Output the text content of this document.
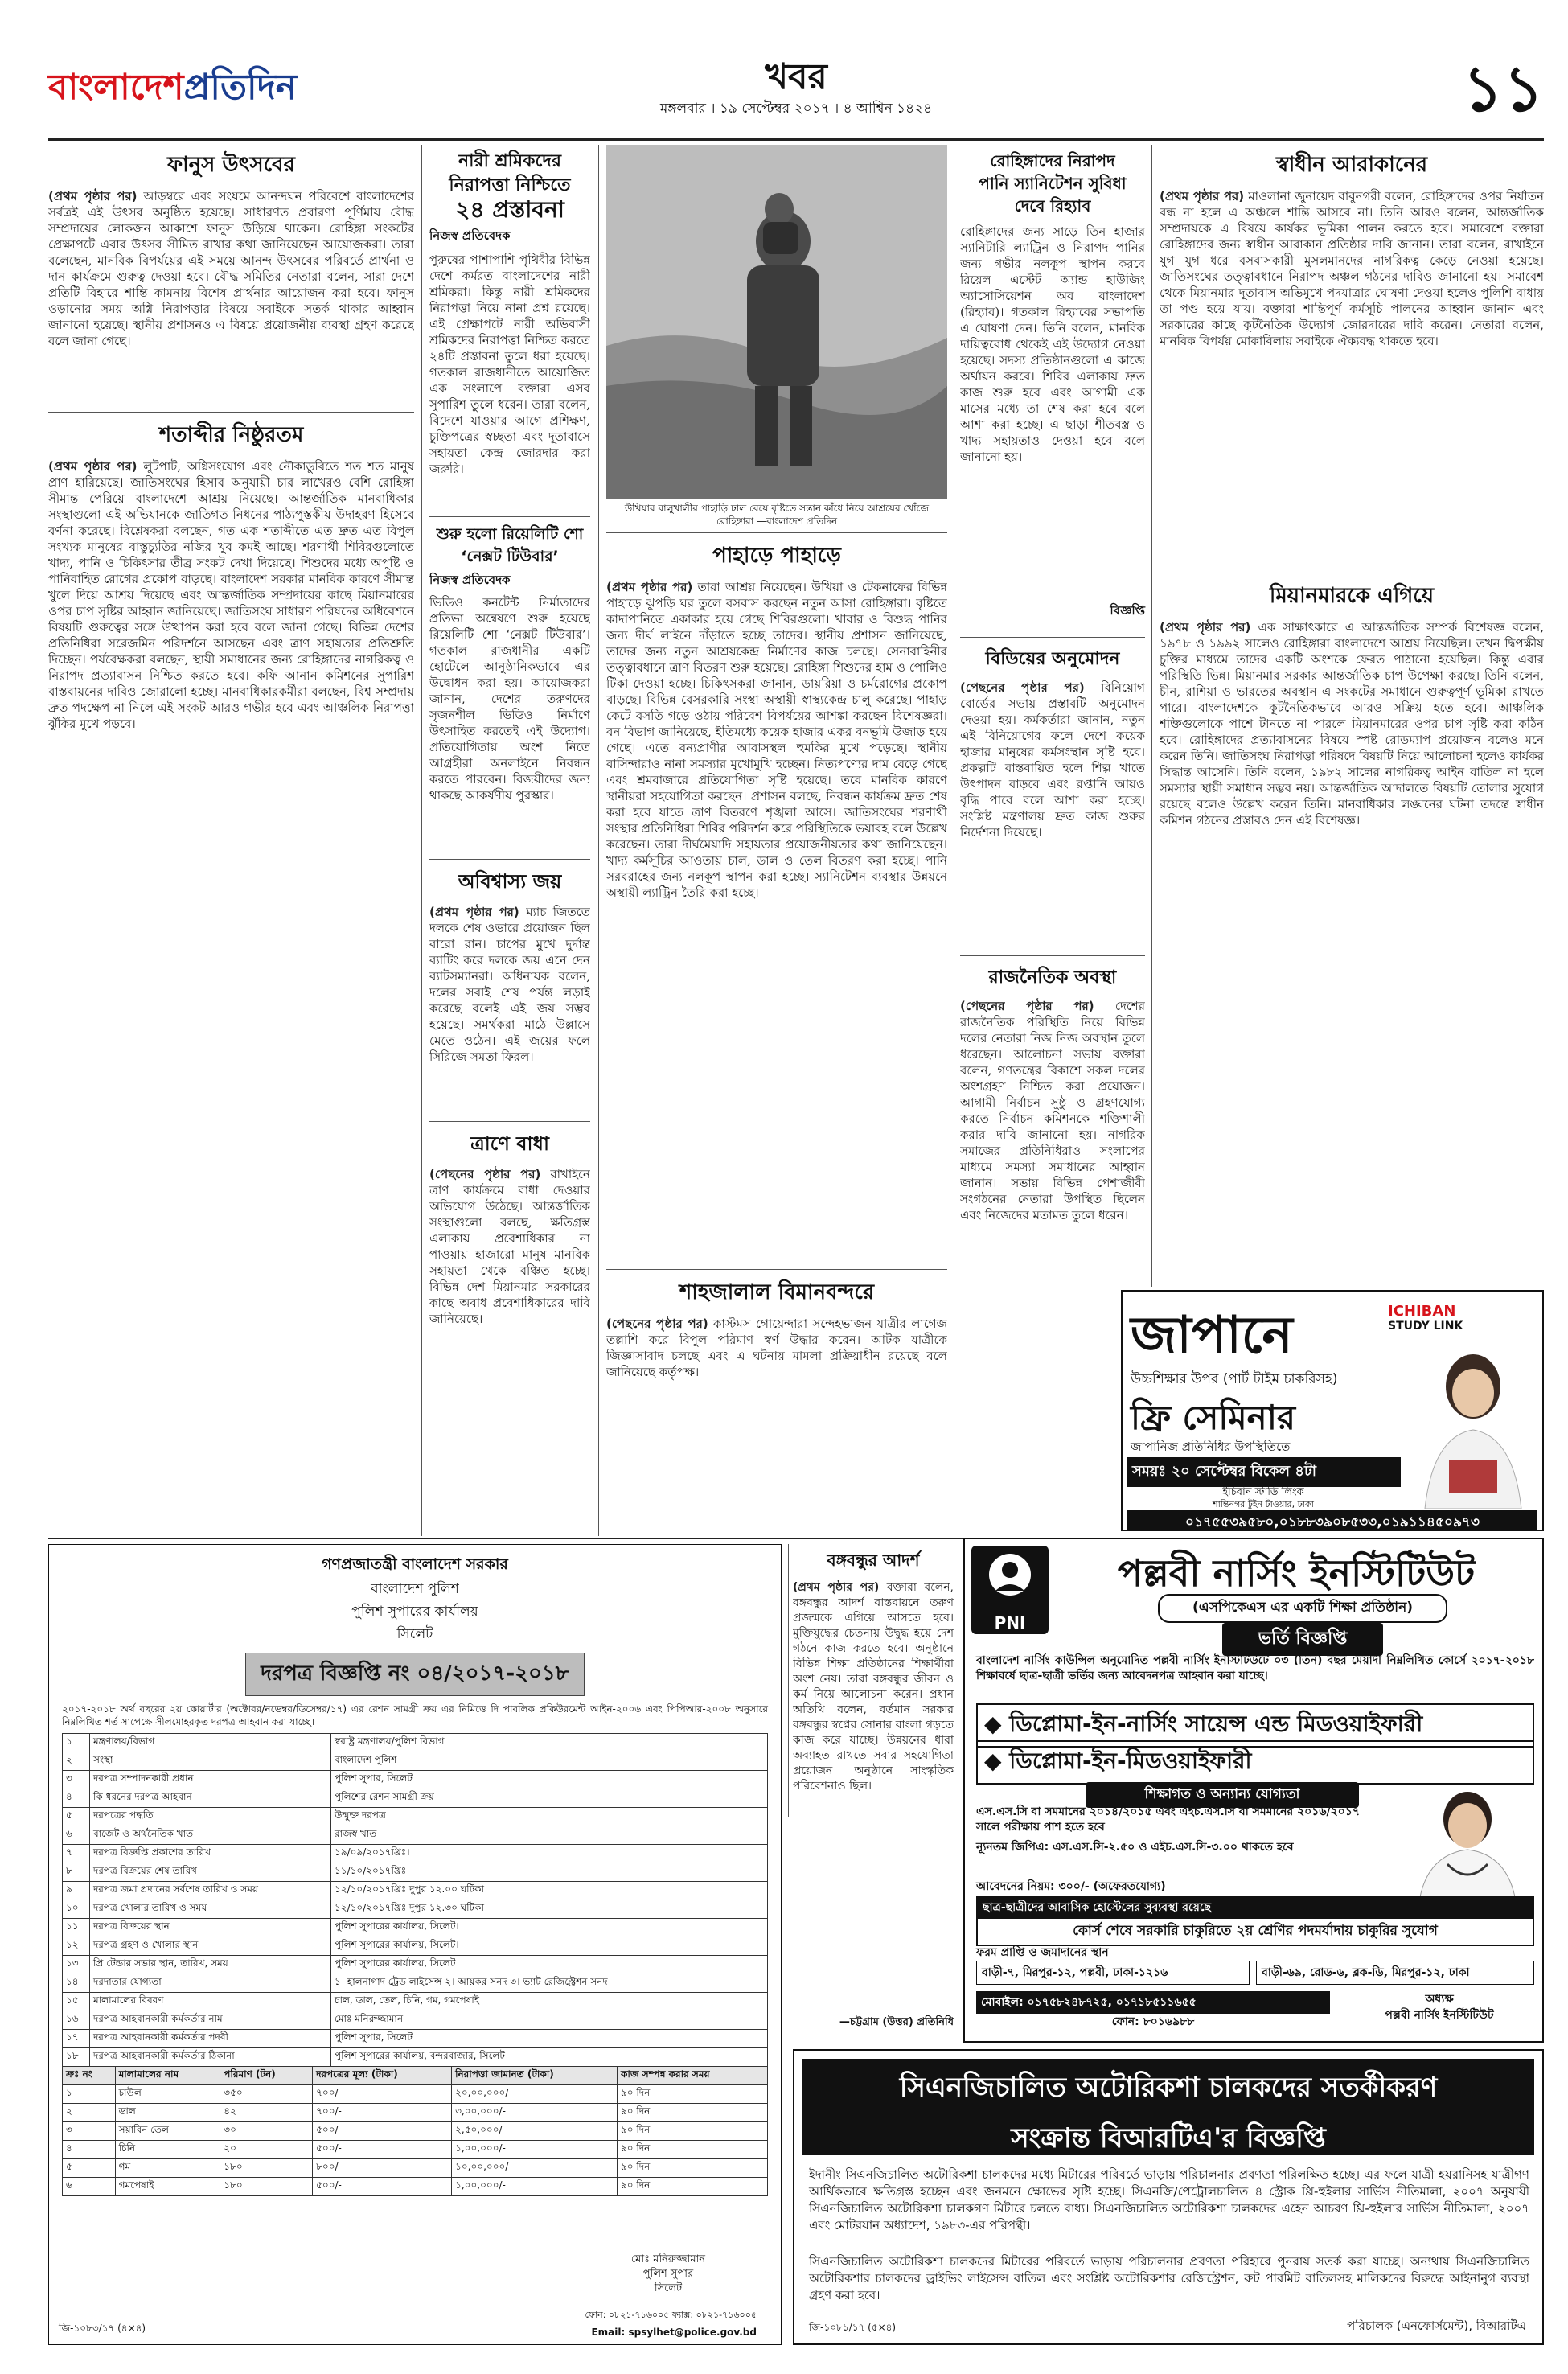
বাংলাদেশপ্রতিদিন	খবর
মঙ্গলবার । ১৯ সেপ্টেম্বর ২০১৭ । ৪ আশ্বিন ১৪২৪	১১
ফানুস উৎসবের
(প্রথম পৃষ্ঠার পর) আড়ম্বরে এবং সংযমে আনন্দঘন পরিবেশে বাংলাদেশের সর্বত্রই এই উৎসব অনুষ্ঠিত হয়েছে। সাধারণত প্রবারণা পূর্ণিমায় বৌদ্ধ সম্প্রদায়ের লোকজন আকাশে ফানুস উড়িয়ে থাকেন। রোহিঙ্গা সংকটের প্রেক্ষাপটে এবার উৎসব সীমিত রাখার কথা জানিয়েছেন আয়োজকরা। তারা বলেছেন, মানবিক বিপর্যয়ের এই সময়ে আনন্দ উৎসবের পরিবর্তে প্রার্থনা ও দান কার্যক্রমে গুরুত্ব দেওয়া হবে। বৌদ্ধ সমিতির নেতারা বলেন, সারা দেশে প্রতিটি বিহারে শান্তি কামনায় বিশেষ প্রার্থনার আয়োজন করা হবে। ফানুস ওড়ানোর সময় অগ্নি নিরাপত্তার বিষয়ে সবাইকে সতর্ক থাকার আহ্বান জানানো হয়েছে। স্থানীয় প্রশাসনও এ বিষয়ে প্রয়োজনীয় ব্যবস্থা গ্রহণ করেছে বলে জানা গেছে।
শতাব্দীর নিষ্ঠুরতম
(প্রথম পৃষ্ঠার পর) লুটপাট, অগ্নিসংযোগ এবং নৌকাডুবিতে শত শত মানুষ প্রাণ হারিয়েছে। জাতিসংঘের হিসাব অনুযায়ী চার লাখেরও বেশি রোহিঙ্গা সীমান্ত পেরিয়ে বাংলাদেশে আশ্রয় নিয়েছে। আন্তর্জাতিক মানবাধিকার সংস্থাগুলো এই অভিযানকে জাতিগত নিধনের পাঠ্যপুস্তকীয় উদাহরণ হিসেবে বর্ণনা করেছে। বিশ্লেষকরা বলছেন, গত এক শতাব্দীতে এত দ্রুত এত বিপুল সংখ্যক মানুষের বাস্তুচ্যুতির নজির খুব কমই আছে। শরণার্থী শিবিরগুলোতে খাদ্য, পানি ও চিকিৎসার তীব্র সংকট দেখা দিয়েছে। শিশুদের মধ্যে অপুষ্টি ও পানিবাহিত রোগের প্রকোপ বাড়ছে। বাংলাদেশ সরকার মানবিক কারণে সীমান্ত খুলে দিয়ে আশ্রয় দিয়েছে এবং আন্তর্জাতিক সম্প্রদায়ের কাছে মিয়ানমারের ওপর চাপ সৃষ্টির আহ্বান জানিয়েছে। জাতিসংঘ সাধারণ পরিষদের অধিবেশনে বিষয়টি গুরুত্বের সঙ্গে উত্থাপন করা হবে বলে জানা গেছে। বিভিন্ন দেশের প্রতিনিধিরা সরেজমিন পরিদর্শনে আসছেন এবং ত্রাণ সহায়তার প্রতিশ্রুতি দিচ্ছেন। পর্যবেক্ষকরা বলছেন, স্থায়ী সমাধানের জন্য রোহিঙ্গাদের নাগরিকত্ব ও নিরাপদ প্রত্যাবাসন নিশ্চিত করতে হবে। কফি আনান কমিশনের সুপারিশ বাস্তবায়নের দাবিও জোরালো হচ্ছে। মানবাধিকারকর্মীরা বলছেন, বিশ্ব সম্প্রদায় দ্রুত পদক্ষেপ না নিলে এই সংকট আরও গভীর হবে এবং আঞ্চলিক নিরাপত্তা ঝুঁকির মুখে পড়বে।
নারী শ্রমিকদের
নিরাপত্তা নিশ্চিতে
২৪ প্রস্তাবনা
নিজস্ব প্রতিবেদক
পুরুষের পাশাপাশি পৃথিবীর বিভিন্ন দেশে কর্মরত বাংলাদেশের নারী শ্রমিকরা। কিন্তু নারী শ্রমিকদের নিরাপত্তা নিয়ে নানা প্রশ্ন রয়েছে। এই প্রেক্ষাপটে নারী অভিবাসী শ্রমিকদের নিরাপত্তা নিশ্চিত করতে ২৪টি প্রস্তাবনা তুলে ধরা হয়েছে। গতকাল রাজধানীতে আয়োজিত এক সংলাপে বক্তারা এসব সুপারিশ তুলে ধরেন। তারা বলেন, বিদেশে যাওয়ার আগে প্রশিক্ষণ, চুক্তিপত্রের স্বচ্ছতা এবং দূতাবাসে সহায়তা কেন্দ্র জোরদার করা জরুরি।
শুরু হলো রিয়েলিটি শো
‘নেক্সট টিউবার’
নিজস্ব প্রতিবেদক
ভিডিও কনটেন্ট নির্মাতাদের প্রতিভা অন্বেষণে শুরু হয়েছে রিয়েলিটি শো ‘নেক্সট টিউবার’। গতকাল রাজধানীর একটি হোটেলে আনুষ্ঠানিকভাবে এর উদ্বোধন করা হয়। আয়োজকরা জানান, দেশের তরুণদের সৃজনশীল ভিডিও নির্মাণে উৎসাহিত করতেই এই উদ্যোগ। প্রতিযোগিতায় অংশ নিতে আগ্রহীরা অনলাইনে নিবন্ধন করতে পারবেন। বিজয়ীদের জন্য থাকছে আকর্ষণীয় পুরস্কার।
অবিশ্বাস্য জয়
(প্রথম পৃষ্ঠার পর) ম্যাচ জিততে দলকে শেষ ওভারে প্রয়োজন ছিল বারো রান। চাপের মুখে দুর্দান্ত ব্যাটিং করে দলকে জয় এনে দেন ব্যাটসম্যানরা। অধিনায়ক বলেন, দলের সবাই শেষ পর্যন্ত লড়াই করেছে বলেই এই জয় সম্ভব হয়েছে। সমর্থকরা মাঠে উল্লাসে মেতে ওঠেন। এই জয়ের ফলে সিরিজে সমতা ফিরল।
ত্রাণে বাধা
(পেছনের পৃষ্ঠার পর) রাখাইনে ত্রাণ কার্যক্রমে বাধা দেওয়ার অভিযোগ উঠেছে। আন্তর্জাতিক সংস্থাগুলো বলছে, ক্ষতিগ্রস্ত এলাকায় প্রবেশাধিকার না পাওয়ায় হাজারো মানুষ মানবিক সহায়তা থেকে বঞ্চিত হচ্ছে। বিভিন্ন দেশ মিয়ানমার সরকারের কাছে অবাধ প্রবেশাধিকারের দাবি জানিয়েছে।
উখিয়ার বালুখালীর পাহাড়ি ঢাল বেয়ে বৃষ্টিতে সন্তান কাঁধে নিয়ে আশ্রয়ের খোঁজে রোহিঙ্গারা —বাংলাদেশ প্রতিদিন
পাহাড়ে পাহাড়ে
(প্রথম পৃষ্ঠার পর) তারা আশ্রয় নিয়েছেন। উখিয়া ও টেকনাফের বিভিন্ন পাহাড়ে ঝুপড়ি ঘর তুলে বসবাস করছেন নতুন আসা রোহিঙ্গারা। বৃষ্টিতে কাদাপানিতে একাকার হয়ে গেছে শিবিরগুলো। খাবার ও বিশুদ্ধ পানির জন্য দীর্ঘ লাইনে দাঁড়াতে হচ্ছে তাদের। স্থানীয় প্রশাসন জানিয়েছে, তাদের জন্য নতুন আশ্রয়কেন্দ্র নির্মাণের কাজ চলছে। সেনাবাহিনীর তত্ত্বাবধানে ত্রাণ বিতরণ শুরু হয়েছে। রোহিঙ্গা শিশুদের হাম ও পোলিও টিকা দেওয়া হচ্ছে। চিকিৎসকরা জানান, ডায়রিয়া ও চর্মরোগের প্রকোপ বাড়ছে। বিভিন্ন বেসরকারি সংস্থা অস্থায়ী স্বাস্থ্যকেন্দ্র চালু করেছে। পাহাড় কেটে বসতি গড়ে ওঠায় পরিবেশ বিপর্যয়ের আশঙ্কা করছেন বিশেষজ্ঞরা। বন বিভাগ জানিয়েছে, ইতিমধ্যে কয়েক হাজার একর বনভূমি উজাড় হয়ে গেছে। এতে বন্যপ্রাণীর আবাসস্থল হুমকির মুখে পড়েছে। স্থানীয় বাসিন্দারাও নানা সমস্যার মুখোমুখি হচ্ছেন। নিত্যপণ্যের দাম বেড়ে গেছে এবং শ্রমবাজারে প্রতিযোগিতা সৃষ্টি হয়েছে। তবে মানবিক কারণে স্থানীয়রা সহযোগিতা করছেন। প্রশাসন বলছে, নিবন্ধন কার্যক্রম দ্রুত শেষ করা হবে যাতে ত্রাণ বিতরণে শৃঙ্খলা আসে। জাতিসংঘের শরণার্থী সংস্থার প্রতিনিধিরা শিবির পরিদর্শন করে পরিস্থিতিকে ভয়াবহ বলে উল্লেখ করেছেন। তারা দীর্ঘমেয়াদি সহায়তার প্রয়োজনীয়তার কথা জানিয়েছেন। খাদ্য কর্মসূচির আওতায় চাল, ডাল ও তেল বিতরণ করা হচ্ছে। পানি সরবরাহের জন্য নলকূপ স্থাপন করা হচ্ছে। স্যানিটেশন ব্যবস্থার উন্নয়নে অস্থায়ী ল্যাট্রিন তৈরি করা হচ্ছে।
শাহজালাল বিমানবন্দরে
(পেছনের পৃষ্ঠার পর) কাস্টমস গোয়েন্দারা সন্দেহভাজন যাত্রীর লাগেজ তল্লাশি করে বিপুল পরিমাণ স্বর্ণ উদ্ধার করেন। আটক যাত্রীকে জিজ্ঞাসাবাদ চলছে এবং এ ঘটনায় মামলা প্রক্রিয়াধীন রয়েছে বলে জানিয়েছে কর্তৃপক্ষ।
রোহিঙ্গাদের নিরাপদ
পানি স্যানিটেশন সুবিধা
দেবে রিহ্যাব
রোহিঙ্গাদের জন্য সাড়ে তিন হাজার স্যানিটারি ল্যাট্রিন ও নিরাপদ পানির জন্য গভীর নলকূপ স্থাপন করবে রিয়েল এস্টেট অ্যান্ড হাউজিং অ্যাসোসিয়েশন অব বাংলাদেশ (রিহ্যাব)। গতকাল রিহ্যাবের সভাপতি এ ঘোষণা দেন। তিনি বলেন, মানবিক দায়িত্ববোধ থেকেই এই উদ্যোগ নেওয়া হয়েছে। সদস্য প্রতিষ্ঠানগুলো এ কাজে অর্থায়ন করবে। শিবির এলাকায় দ্রুত কাজ শুরু হবে এবং আগামী এক মাসের মধ্যে তা শেষ করা হবে বলে আশা করা হচ্ছে। এ ছাড়া শীতবস্ত্র ও খাদ্য সহায়তাও দেওয়া হবে বলে জানানো হয়।
বিজ্ঞপ্তি
বিডিয়ের অনুমোদন
(পেছনের পৃষ্ঠার পর) বিনিয়োগ বোর্ডের সভায় প্রস্তাবটি অনুমোদন দেওয়া হয়। কর্মকর্তারা জানান, নতুন এই বিনিয়োগের ফলে দেশে কয়েক হাজার মানুষের কর্মসংস্থান সৃষ্টি হবে। প্রকল্পটি বাস্তবায়িত হলে শিল্প খাতে উৎপাদন বাড়বে এবং রপ্তানি আয়ও বৃদ্ধি পাবে বলে আশা করা হচ্ছে। সংশ্লিষ্ট মন্ত্রণালয় দ্রুত কাজ শুরুর নির্দেশনা দিয়েছে।
রাজনৈতিক অবস্থা
(পেছনের পৃষ্ঠার পর) দেশের রাজনৈতিক পরিস্থিতি নিয়ে বিভিন্ন দলের নেতারা নিজ নিজ অবস্থান তুলে ধরেছেন। আলোচনা সভায় বক্তারা বলেন, গণতন্ত্রের বিকাশে সকল দলের অংশগ্রহণ নিশ্চিত করা প্রয়োজন। আগামী নির্বাচন সুষ্ঠু ও গ্রহণযোগ্য করতে নির্বাচন কমিশনকে শক্তিশালী করার দাবি জানানো হয়। নাগরিক সমাজের প্রতিনিধিরাও সংলাপের মাধ্যমে সমস্যা সমাধানের আহ্বান জানান। সভায় বিভিন্ন পেশাজীবী সংগঠনের নেতারা উপস্থিত ছিলেন এবং নিজেদের মতামত তুলে ধরেন।
স্বাধীন আরাকানের
(প্রথম পৃষ্ঠার পর) মাওলানা জুনায়েদ বাবুনগরী বলেন, রোহিঙ্গাদের ওপর নির্যাতন বন্ধ না হলে এ অঞ্চলে শান্তি আসবে না। তিনি আরও বলেন, আন্তর্জাতিক সম্প্রদায়কে এ বিষয়ে কার্যকর ভূমিকা পালন করতে হবে। সমাবেশে বক্তারা রোহিঙ্গাদের জন্য স্বাধীন আরাকান প্রতিষ্ঠার দাবি জানান। তারা বলেন, রাখাইনে যুগ যুগ ধরে বসবাসকারী মুসলমানদের নাগরিকত্ব কেড়ে নেওয়া হয়েছে। জাতিসংঘের তত্ত্বাবধানে নিরাপদ অঞ্চল গঠনের দাবিও জানানো হয়। সমাবেশ থেকে মিয়ানমার দূতাবাস অভিমুখে পদযাত্রার ঘোষণা দেওয়া হলেও পুলিশি বাধায় তা পণ্ড হয়ে যায়। বক্তারা শান্তিপূর্ণ কর্মসূচি পালনের আহ্বান জানান এবং সরকারের কাছে কূটনৈতিক উদ্যোগ জোরদারের দাবি করেন। নেতারা বলেন, মানবিক বিপর্যয় মোকাবিলায় সবাইকে ঐক্যবদ্ধ থাকতে হবে।
মিয়ানমারকে এগিয়ে
(প্রথম পৃষ্ঠার পর) এক সাক্ষাৎকারে এ আন্তর্জাতিক সম্পর্ক বিশেষজ্ঞ বলেন, ১৯৭৮ ও ১৯৯২ সালেও রোহিঙ্গারা বাংলাদেশে আশ্রয় নিয়েছিল। তখন দ্বিপক্ষীয় চুক্তির মাধ্যমে তাদের একটি অংশকে ফেরত পাঠানো হয়েছিল। কিন্তু এবার পরিস্থিতি ভিন্ন। মিয়ানমার সরকার আন্তর্জাতিক চাপ উপেক্ষা করছে। তিনি বলেন, চীন, রাশিয়া ও ভারতের অবস্থান এ সংকটের সমাধানে গুরুত্বপূর্ণ ভূমিকা রাখতে পারে। বাংলাদেশকে কূটনৈতিকভাবে আরও সক্রিয় হতে হবে। আঞ্চলিক শক্তিগুলোকে পাশে টানতে না পারলে মিয়ানমারের ওপর চাপ সৃষ্টি করা কঠিন হবে। রোহিঙ্গাদের প্রত্যাবাসনের বিষয়ে স্পষ্ট রোডম্যাপ প্রয়োজন বলেও মনে করেন তিনি। জাতিসংঘ নিরাপত্তা পরিষদে বিষয়টি নিয়ে আলোচনা হলেও কার্যকর সিদ্ধান্ত আসেনি। তিনি বলেন, ১৯৮২ সালের নাগরিকত্ব আইন বাতিল না হলে সমস্যার স্থায়ী সমাধান সম্ভব নয়। আন্তর্জাতিক আদালতে বিষয়টি তোলার সুযোগ রয়েছে বলেও উল্লেখ করেন তিনি। মানবাধিকার লঙ্ঘনের ঘটনা তদন্তে স্বাধীন কমিশন গঠনের প্রস্তাবও দেন এই বিশেষজ্ঞ।
জাপানে	ICHIBAN
STUDY LINK
উচ্চশিক্ষার উপর (পার্ট টাইম চাকরিসহ)
ফ্রি সেমিনার
জাপানিজ প্রতিনিধির উপস্থিতিতে
সময়ঃ ২০ সেপ্টেম্বর বিকেল ৪টা
ইচিবান স্টাডি লিংক
শান্তিনগর টুইন টাওয়ার, ঢাকা
০১৭৫৫৩৯৫৮০,০১৮৮৩৯০৮৫৩৩,০১৯১১৪৫০৯৭৩
গণপ্রজাতন্ত্রী বাংলাদেশ সরকার
বাংলাদেশ পুলিশ
পুলিশ সুপারের কার্যালয়
সিলেট
দরপত্র বিজ্ঞপ্তি নং ০৪/২০১৭-২০১৮
২০১৭-২০১৮ অর্থ বছরের ২য় কোয়ার্টার (অক্টোবর/নভেম্বর/ডিসেম্বর/১৭) এর রেশন সামগ্রী ক্রয় এর নিমিত্তে দি পাবলিক প্রকিউরমেন্ট আইন-২০০৬ এবং পিপিআর-২০০৮ অনুসারে নিম্নলিখিত শর্ত সাপেক্ষে সীলমোহরকৃত দরপত্র আহবান করা যাচ্ছে।
১	মন্ত্রণালয়/বিভাগ	স্বরাষ্ট্র মন্ত্রণালয়/পুলিশ বিভাগ
২	সংস্থা	বাংলাদেশ পুলিশ
৩	দরপত্র সম্পাদনকারী প্রধান	পুলিশ সুপার, সিলেট
৪	কি ধরনের দরপত্র আহবান	পুলিশের রেশন সামগ্রী ক্রয়
৫	দরপত্রের পদ্ধতি	উন্মুক্ত দরপত্র
৬	বাজেট ও অর্থনৈতিক খাত	রাজস্ব খাত
৭	দরপত্র বিজ্ঞপ্তি প্রকাশের তারিখ	১৯/০৯/২০১৭খ্রিঃ।
৮	দরপত্র বিক্রয়ের শেষ তারিখ	১১/১০/২০১৭খ্রিঃ
৯	দরপত্র জমা প্রদানের সর্বশেষ তারিখ ও সময়	১২/১০/২০১৭খ্রিঃ দুপুর ১২.০০ ঘটিকা
১০	দরপত্র খোলার তারিখ ও সময়	১২/১০/২০১৭খ্রিঃ দুপুর ১২.৩০ ঘটিকা
১১	দরপত্র বিক্রয়ের স্থান	পুলিশ সুপারের কার্যালয়, সিলেট।
১২	দরপত্র গ্রহণ ও খোলার স্থান	পুলিশ সুপারের কার্যালয়, সিলেট।
১৩	প্রি টেন্ডার সভার স্থান, তারিখ, সময়	পুলিশ সুপারের কার্যালয়, সিলেট
১৪	দরদাতার যোগ্যতা	১। হালনাগাদ ট্রেড লাইসেন্স ২। আয়কর সনদ ৩। ভ্যাট রেজিস্ট্রেশন সনদ
১৫	মালামালের বিবরণ	চাল, ডাল, তেল, চিনি, গম, গমপেষাই
১৬	দরপত্র আহবানকারী কর্মকর্তার নাম	মোঃ মনিরুজ্জামান
১৭	দরপত্র আহবানকারী কর্মকর্তার পদবী	পুলিশ সুপার, সিলেট
১৮	দরপত্র আহবানকারী কর্মকর্তার ঠিকানা	পুলিশ সুপারের কার্যালয়, বন্দরবাজার, সিলেট।
ক্রঃ নং	মালামালের নাম	পরিমাণ (টন)	দরপত্রের মূল্য (টাকা)	নিরাপত্তা জামানত (টাকা)	কাজ সম্পন্ন করার সময়
১	চাউল	৩৫০	৭০০/-	২০,০০,০০০/-	৯০ দিন
২	ডাল	৪২	৭০০/-	৩,০০,০০০/-	৯০ দিন
৩	সয়াবিন তেল	৩০	৫০০/-	২,৫০,০০০/-	৯০ দিন
৪	চিনি	২০	৫০০/-	১,০০,০০০/-	৯০ দিন
৫	গম	১৮০	৮০০/-	১০,০০,০০০/-	৯০ দিন
৬	গমপেষাই	১৮০	৫০০/-	১,০০,০০০/-	৯০ দিন
মোঃ মনিরুজ্জামান
পুলিশ সুপার
সিলেট
জি-১০৮৩/১৭ (৪×৪)
ফোন: ০৮২১-৭১৬০০৫ ফ্যাক্স: ০৮২১-৭১৬০০৫
Email: spsylhet@police.gov.bd
বঙ্গবন্ধুর আদর্শ
(প্রথম পৃষ্ঠার পর) বক্তারা বলেন, বঙ্গবন্ধুর আদর্শ বাস্তবায়নে তরুণ প্রজন্মকে এগিয়ে আসতে হবে। মুক্তিযুদ্ধের চেতনায় উদ্বুদ্ধ হয়ে দেশ গঠনে কাজ করতে হবে। অনুষ্ঠানে বিভিন্ন শিক্ষা প্রতিষ্ঠানের শিক্ষার্থীরা অংশ নেয়। তারা বঙ্গবন্ধুর জীবন ও কর্ম নিয়ে আলোচনা করেন। প্রধান অতিথি বলেন, বর্তমান সরকার বঙ্গবন্ধুর স্বপ্নের সোনার বাংলা গড়তে কাজ করে যাচ্ছে। উন্নয়নের ধারা অব্যাহত রাখতে সবার সহযোগিতা প্রয়োজন। অনুষ্ঠানে সাংস্কৃতিক পরিবেশনাও ছিল।
—চট্টগ্রাম (উত্তর) প্রতিনিধি
PNI
পল্লবী নার্সিং ইনস্টিটিউট
(এসপিকেএস এর একটি শিক্ষা প্রতিষ্ঠান)
ভর্তি বিজ্ঞপ্তি
বাংলাদেশ নার্সিং কাউন্সিল অনুমোদিত পল্লবী নার্সিং ইনস্টিটিউটে ০৩ (তিন) বছর মেয়াদী নিম্নলিখিত কোর্সে ২০১৭-২০১৮ শিক্ষাবর্ষে ছাত্র-ছাত্রী ভর্তির জন্য আবেদনপত্র আহবান করা যাচ্ছে।
◆ ডিপ্লোমা-ইন-নার্সিং সায়েন্স এন্ড মিডওয়াইফারী
◆ ডিপ্লোমা-ইন-মিডওয়াইফারী
শিক্ষাগত ও অন্যান্য যোগ্যতা
এস.এস.সি বা সমমানের ২০১৪/২০১৫ এবং এইচ.এস.সি বা সমমানের ২০১৬/২০১৭ সালে পরীক্ষায় পাশ হতে হবে
ন্যূনতম জিপিএ: এস.এস.সি-২.৫০ ও এইচ.এস.সি-৩.০০ থাকতে হবে
আবেদনের নিয়ম: ৩০০/- (অফেরতযোগ্য)
ছাত্র-ছাত্রীদের আবাসিক হোস্টেলের সুব্যবস্থা রয়েছে
কোর্স শেষে সরকারি চাকুরিতে ২য় শ্রেণির পদমর্যাদায় চাকুরির সুযোগ
ফরম প্রাপ্তি ও জমাদানের স্থান
বাড়ী-৭, মিরপুর-১২, পল্লবী, ঢাকা-১২১৬	বাড়ী-৬৯, রোড-৬, ব্লক-ডি, মিরপুর-১২, ঢাকা
মোবাইল: ০১৭৫৮২৪৮৭২৫, ০১৭১৮৫১১৬৫৫
ফোন: ৮০১৬৯৮৮
অধ্যক্ষ
পল্লবী নার্সিং ইনস্টিটিউট
সিএনজিচালিত অটোরিকশা চালকদের সতর্কীকরণ
সংক্রান্ত বিআরটিএ'র বিজ্ঞপ্তি
ইদানীং সিএনজিচালিত অটোরিকশা চালকদের মধ্যে মিটারের পরিবর্তে ভাড়ায় পরিচালনার প্রবণতা পরিলক্ষিত হচ্ছে। এর ফলে যাত্রী হয়রানিসহ যাত্রীগণ আর্থিকভাবে ক্ষতিগ্রস্ত হচ্ছেন এবং জনমনে ক্ষোভের সৃষ্টি হচ্ছে। সিএনজি/পেট্রোলচালিত ৪ স্ট্রোক থ্রি-হুইলার সার্ভিস নীতিমালা, ২০০৭ অনুযায়ী সিএনজিচালিত অটোরিকশা চালকগণ মিটারে চলতে বাধ্য। সিএনজিচালিত অটোরিকশা চালকদের এহেন আচরণ থ্রি-হুইলার সার্ভিস নীতিমালা, ২০০৭ এবং মোটরযান অধ্যাদেশ, ১৯৮৩-এর পরিপন্থী।
সিএনজিচালিত অটোরিকশা চালকদের মিটারের পরিবর্তে ভাড়ায় পরিচালনার প্রবণতা পরিহারে পুনরায় সতর্ক করা যাচ্ছে। অন্যথায় সিএনজিচালিত অটোরিকশার চালকদের ড্রাইভিং লাইসেন্স বাতিল এবং সংশ্লিষ্ট অটোরিকশার রেজিস্ট্রেশন, রুট পারমিট বাতিলসহ মালিকদের বিরুদ্ধে আইনানুগ ব্যবস্থা গ্রহণ করা হবে।
জি-১০৮১/১৭ (৫×৪)	পরিচালক (এনফোর্সমেন্ট), বিআরটিএ
